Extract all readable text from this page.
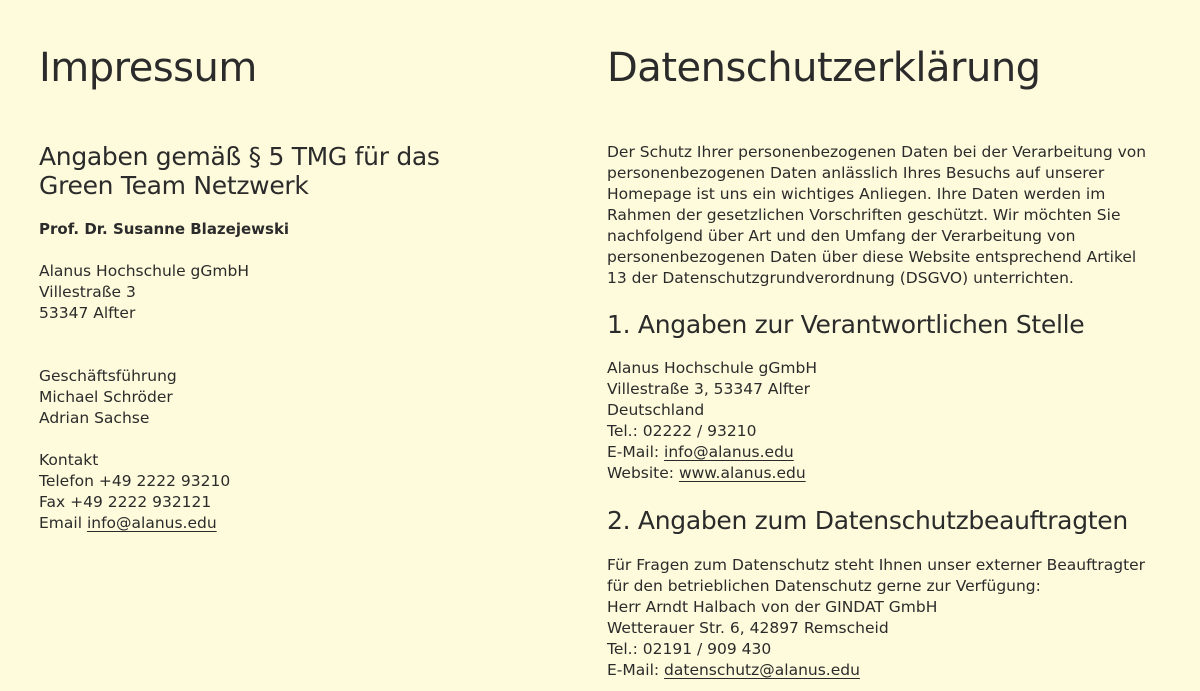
Impressum
Angaben gemäß § 5 TMG für das
Green Team Netzwerk

Prof. Dr. Susanne Blazejewski

Alanus Hochschule gGmbH
Villestraße 3
53347 Alfter
Geschäftsführung
Michael Schröder
Adrian Sachse
Kontakt
Telefon +49 2222 93210
Fax +49 2222 932121
Email info@alanus.edu
Datenschutzerklärung
Der Schutz Ihrer personenbezogenen Daten bei der Verarbeitung von
personenbezogenen Daten anlässlich Ihres Besuchs auf unserer
Homepage ist uns ein wichtiges Anliegen. Ihre Daten werden im
Rahmen der gesetzlichen Vorschriften geschützt. Wir möchten Sie
nachfolgend über Art und den Umfang der Verarbeitung von
personenbezogenen Daten über diese Website entsprechend Artikel
13 der Datenschutzgrundverordnung (DSGVO) unterrichten.
1. Angaben zur Verantwortlichen Stelle
Alanus Hochschule gGmbH
Villestraße 3, 53347 Alfter
Deutschland
Tel.: 02222 / 93210
E-Mail: info@alanus.edu
Website: www.alanus.edu
2. Angaben zum Datenschutzbeauftragten
Für Fragen zum Datenschutz steht Ihnen unser externer Beauftragter
für den betrieblichen Datenschutz gerne zur Verfügung:
Herr Arndt Halbach von der GINDAT GmbH
Wetterauer Str. 6, 42897 Remscheid
Tel.: 02191 / 909 430
E-Mail: datenschutz@alanus.edu
